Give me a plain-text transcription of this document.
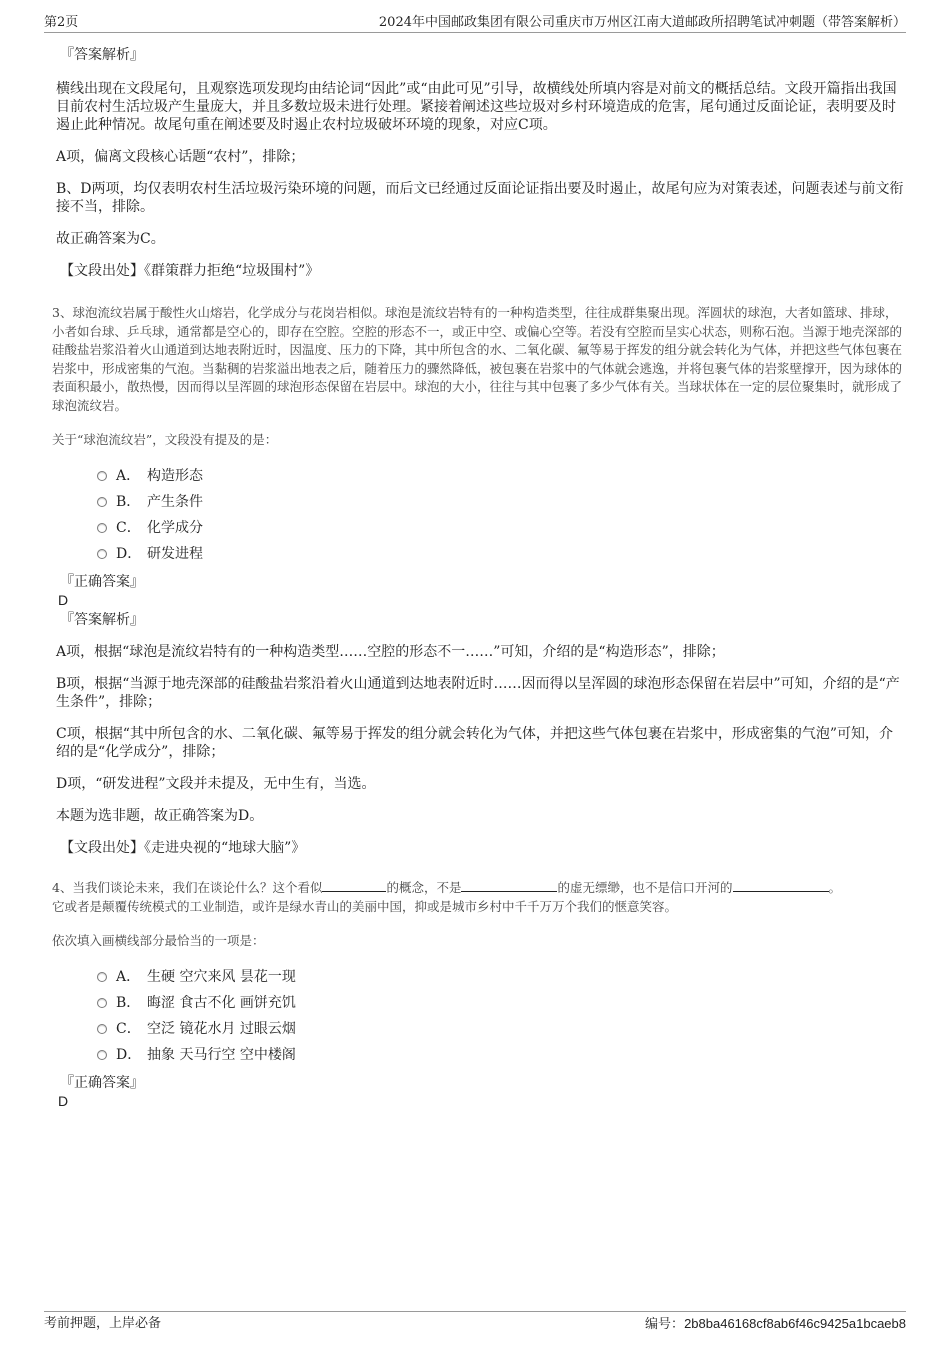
第2页	2024年中国邮政集团有限公司重庆市万州区江南大道邮政所招聘笔试冲刺题（带答案解析）

『答案解析』

横线出现在文段尾句，且观察选项发现均由结论词“因此”或“由此可见”引导，故横线处所填内容是对前文的概括总结。文段开篇指出我国目前农村生活垃圾产生量庞大，并且多数垃圾未进行处理。紧接着阐述这些垃圾对乡村环境造成的危害，尾句通过反面论证，表明要及时遏止此种情况。故尾句重在阐述要及时遏止农村垃圾破坏环境的现象，对应C项。

A项，偏离文段核心话题“农村”，排除；

B、D两项，均仅表明农村生活垃圾污染环境的问题，而后文已经通过反面论证指出要及时遏止，故尾句应为对策表述，问题表述与前文衔接不当，排除。

故正确答案为C。

【文段出处】《群策群力拒绝“垃圾围村”》

3、球泡流纹岩属于酸性火山熔岩，化学成分与花岗岩相似。球泡是流纹岩特有的一种构造类型，往往成群集聚出现。浑圆状的球泡，大者如篮球、排球，小者如台球、乒乓球，通常都是空心的，即存在空腔。空腔的形态不一，或正中空、或偏心空等。若没有空腔而呈实心状态，则称石泡。当源于地壳深部的硅酸盐岩浆沿着火山通道到达地表附近时，因温度、压力的下降，其中所包含的水、二氧化碳、氟等易于挥发的组分就会转化为气体，并把这些气体包裹在岩浆中，形成密集的气泡。当黏稠的岩浆溢出地表之后，随着压力的骤然降低，被包裹在岩浆中的气体就会逃逸，并将包裹气体的岩浆壁撑开，因为球体的表面积最小，散热慢，因而得以呈浑圆的球泡形态保留在岩层中。球泡的大小，往往与其中包裹了多少气体有关。当球状体在一定的层位聚集时，就形成了球泡流纹岩。

关于“球泡流纹岩”，文段没有提及的是：

A． 构造形态
B． 产生条件
C． 化学成分
D． 研发进程

『正确答案』

D

『答案解析』

A项，根据“球泡是流纹岩特有的一种构造类型……空腔的形态不一……”可知，介绍的是“构造形态”，排除；

B项，根据“当源于地壳深部的硅酸盐岩浆沿着火山通道到达地表附近时……因而得以呈浑圆的球泡形态保留在岩层中”可知，介绍的是“产生条件”，排除；

C项，根据“其中所包含的水、二氧化碳、氟等易于挥发的组分就会转化为气体，并把这些气体包裹在岩浆中，形成密集的气泡”可知，介绍的是“化学成分”，排除；

D项，“研发进程”文段并未提及，无中生有，当选。

本题为选非题，故正确答案为D。

【文段出处】《走进央视的“地球大脑”》

4、当我们谈论未来，我们在谈论什么？这个看似	的概念，不是	的虚无缥缈，也不是信口开河的	。
它或者是颠覆传统模式的工业制造，或许是绿水青山的美丽中国，抑或是城市乡村中千千万万个我们的惬意笑容。

依次填入画横线部分最恰当的一项是：

A． 生硬 空穴来风 昙花一现
B． 晦涩 食古不化 画饼充饥
C． 空泛 镜花水月 过眼云烟
D． 抽象 天马行空 空中楼阁

『正确答案』

D

考前押题，上岸必备	编号：2b8ba46168cf8ab6f46c9425a1bcaeb8
